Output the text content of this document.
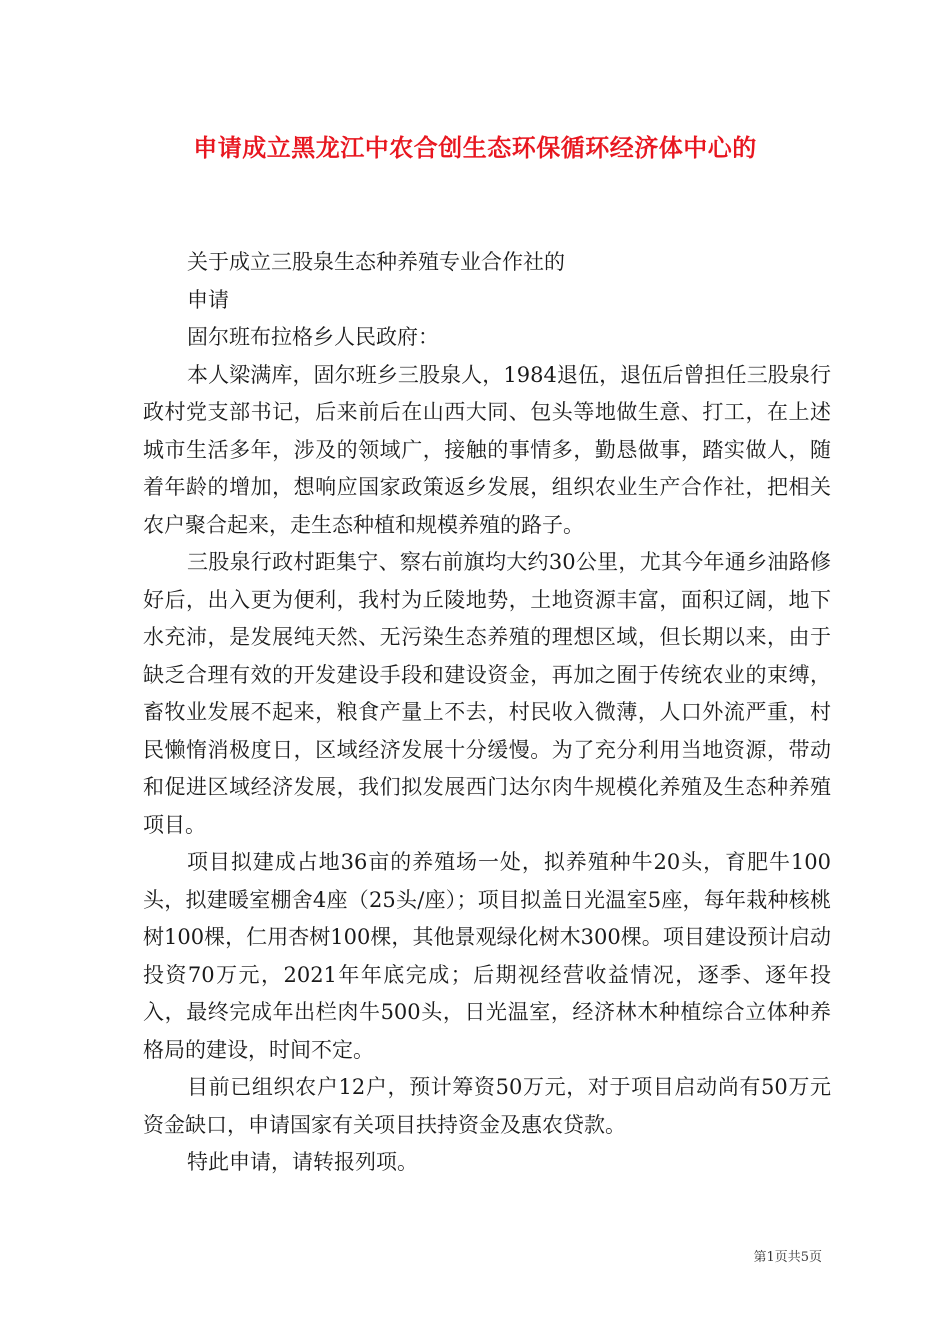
申请成立黑龙江中农合创生态环保循环经济体中心的

关于成立三股泉生态种养殖专业合作社的

申请

固尔班布拉格乡人民政府：

本人梁满库，固尔班乡三股泉人，1984退伍，退伍后曾担任三股泉行政村党支部书记，后来前后在山西大同、包头等地做生意、打工，在上述城市生活多年，涉及的领域广，接触的事情多，勤恳做事，踏实做人，随着年龄的增加，想响应国家政策返乡发展，组织农业生产合作社，把相关农户聚合起来，走生态种植和规模养殖的路子。

三股泉行政村距集宁、察右前旗均大约30公里，尤其今年通乡油路修好后，出入更为便利，我村为丘陵地势，土地资源丰富，面积辽阔，地下水充沛，是发展纯天然、无污染生态养殖的理想区域，但长期以来，由于缺乏合理有效的开发建设手段和建设资金，再加之囿于传统农业的束缚，畜牧业发展不起来，粮食产量上不去，村民收入微薄，人口外流严重，村民懒惰消极度日，区域经济发展十分缓慢。为了充分利用当地资源，带动和促进区域经济发展，我们拟发展西门达尔肉牛规模化养殖及生态种养殖项目。

项目拟建成占地36亩的养殖场一处，拟养殖种牛20头，育肥牛100头，拟建暖室棚舍4座（25头/座）；项目拟盖日光温室5座，每年栽种核桃树100棵，仁用杏树100棵，其他景观绿化树木300棵。项目建设预计启动投资70万元，2021年年底完成；后期视经营收益情况，逐季、逐年投入，最终完成年出栏肉牛500头，日光温室，经济林木种植综合立体种养格局的建设，时间不定。

目前已组织农户12户，预计筹资50万元，对于项目启动尚有50万元资金缺口，申请国家有关项目扶持资金及惠农贷款。

特此申请，请转报列项。

第1页共5页
